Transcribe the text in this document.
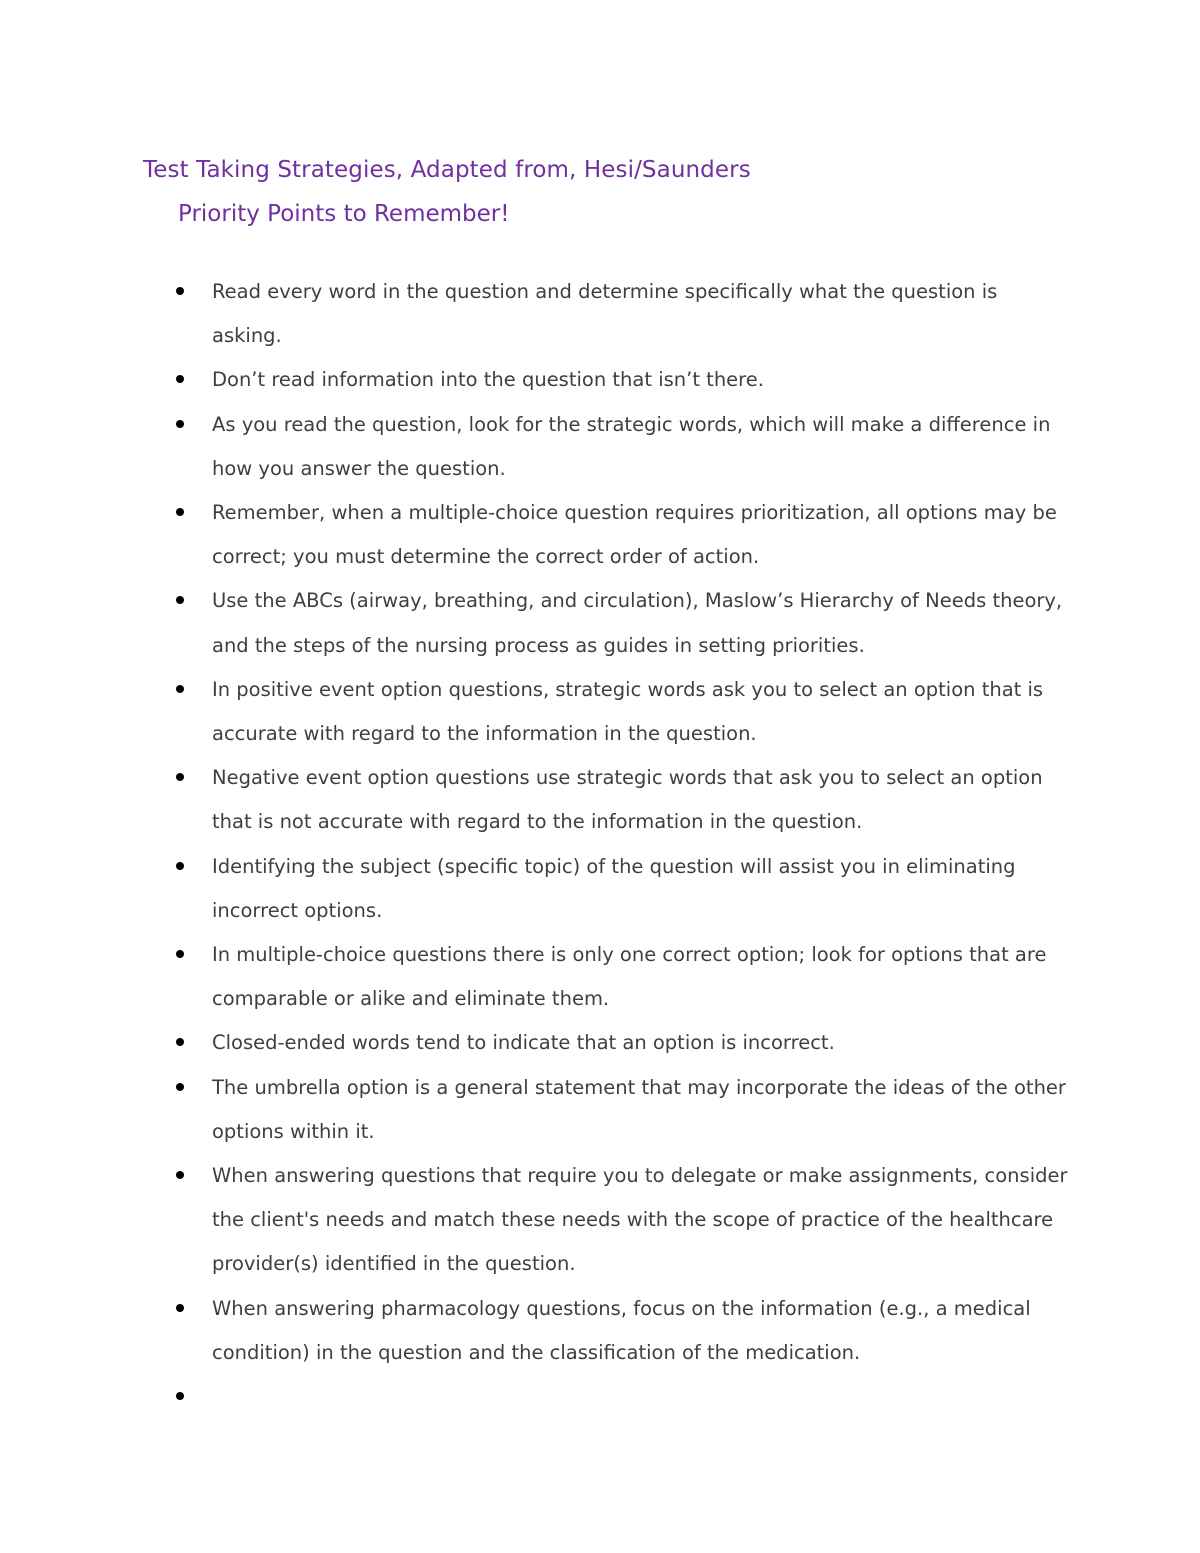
Test Taking Strategies, Adapted from, Hesi/Saunders
Priority Points to Remember!
Read every word in the question and determine specifically what the question is asking.
Don’t read information into the question that isn’t there.
As you read the question, look for the strategic words, which will make a difference in how you answer the question.
Remember, when a multiple-choice question requires prioritization, all options may be correct; you must determine the correct order of action.
Use the ABCs (airway, breathing, and circulation), Maslow’s Hierarchy of Needs theory, and the steps of the nursing process as guides in setting priorities.
In positive event option questions, strategic words ask you to select an option that is accurate with regard to the information in the question.
Negative event option questions use strategic words that ask you to select an option that is not accurate with regard to the information in the question.
Identifying the subject (specific topic) of the question will assist you in eliminating incorrect options.
In multiple-choice questions there is only one correct option; look for options that are comparable or alike and eliminate them.
Closed-ended words tend to indicate that an option is incorrect.
The umbrella option is a general statement that may incorporate the ideas of the other options within it.
When answering questions that require you to delegate or make assignments, consider the client's needs and match these needs with the scope of practice of the healthcare provider(s) identified in the question.
When answering pharmacology questions, focus on the information (e.g., a medical condition) in the question and the classification of the medication.
